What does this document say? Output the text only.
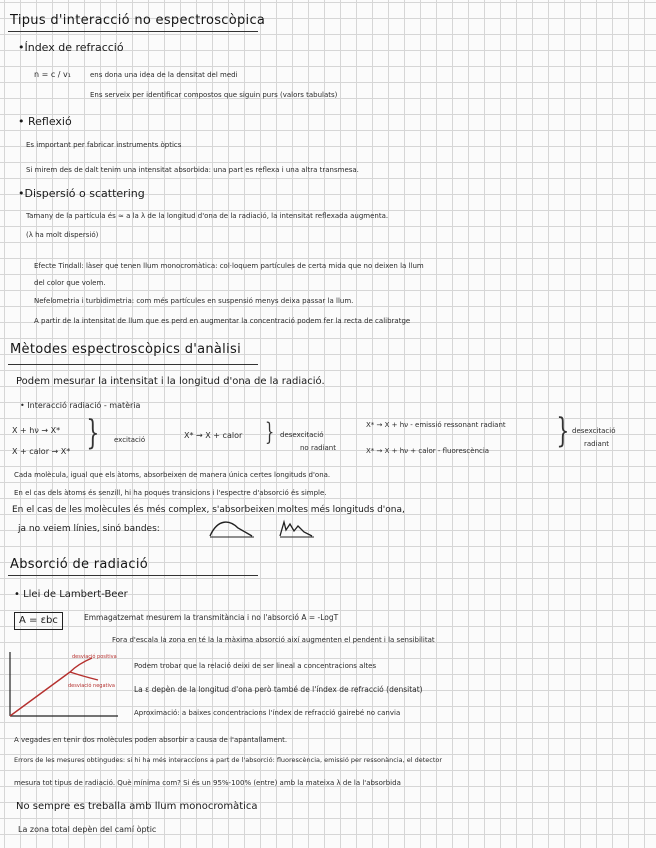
Tipus d'interacció no espectroscòpica
•Índex de refracció
n = c / v₁	ens dona una idea de la densitat del medi
Ens serveix per identificar compostos que siguin purs (valors tabulats)
• Reflexió
Es important per fabricar instruments òptics
Si mirem des de dalt tenim una intensitat absorbida: una part es reflexa i una altra transmesa.
•Dispersió o scattering
Tamany de la partícula és ≈ a la λ de la longitud d'ona de la radiació, la intensitat reflexada augmenta.
(λ ha molt dispersió)
Efecte Tindall: làser que tenen llum monocromàtica: col·loquem partícules de certa mida que no deixen la llum
del color que volem.
Nefelometria i turbidimetria: com més partícules en suspensió menys deixa passar la llum.
A partir de la intensitat de llum que es perd en augmentar la concentració podem fer la recta de calibratge
Mètodes espectroscòpics d'anàlisi
Podem mesurar la intensitat i la longitud d'ona de la radiació.
• Interacció radiació - matèria
X + hν → X*
X + calor → X* } excitació	X* → X + calor } desexcitació
no radiant
X* → X + hν - emissió ressonant radiant
X* → X + hν + calor - fluorescència } desexcitació
radiant
Cada molècula, igual que els àtoms, absorbeixen de manera única certes longituds d'ona.
En el cas dels àtoms és senzill, hi ha poques transicions i l'espectre d'absorció és simple.
En el cas de les molècules és més complex, s'absorbeixen moltes més longituds d'ona,
ja no veiem línies, sinó bandes:
Absorció de radiació
• Llei de Lambert-Beer
A = εbc	Emmagatzemat mesurem la transmitància i no l'absorció A = -LogT
Fora d'escala la zona en té la la màxima absorció així augmenten el pendent i la sensibilitat
desviació positiva
desviació negativa
Podem trobar que la relació deixi de ser lineal a concentracions altes
La ε depèn de la longitud d'ona però també de l'índex de refracció (densitat)
Aproximació: a baixes concentracions l'índex de refracció gairebé no canvia
A vegades en tenir dos molècules poden absorbir a causa de l'apantallament.
Errors de les mesures obtingudes: si hi ha més interaccions a part de l'absorció: fluorescència, emissió per ressonància, el detector
mesura tot tipus de radiació. Què mínima com? Si és un 95%-100% (entre) amb la mateixa λ de la l'absorbida
No sempre es treballa amb llum monocromàtica
La zona total depèn del camí òptic
